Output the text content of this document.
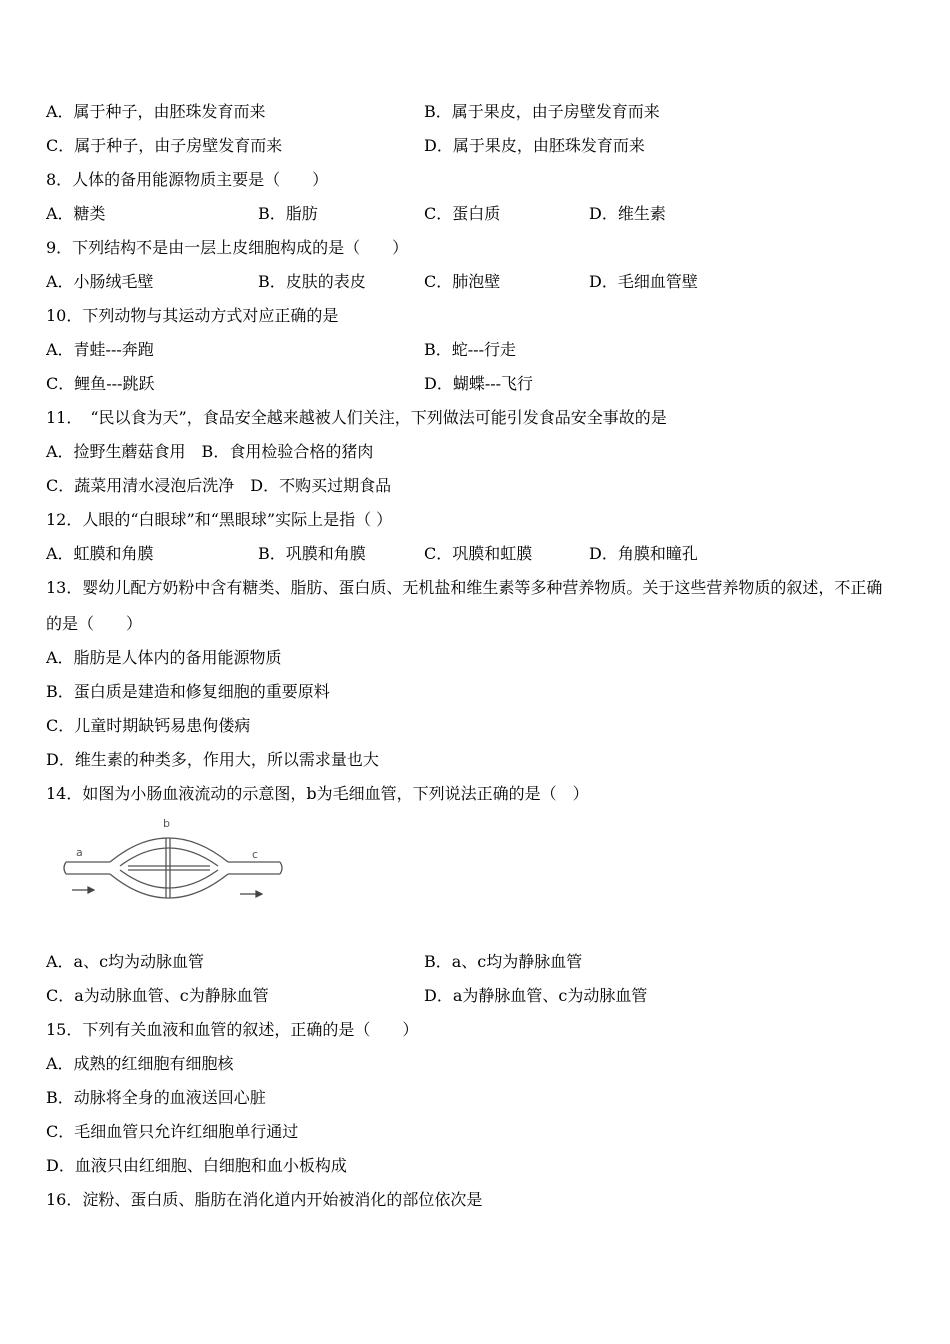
A．属于种子，由胚珠发育而来	B．属于果皮，由子房壁发育而来
C．属于种子，由子房壁发育而来	D．属于果皮，由胚珠发育而来
8．人体的备用能源物质主要是（　　）
A．糖类	B．脂肪	C．蛋白质	D．维生素
9．下列结构不是由一层上皮细胞构成的是（　　）
A．小肠绒毛壁	B．皮肤的表皮	C．肺泡壁	D．毛细血管壁
10．下列动物与其运动方式对应正确的是
A．青蛙---奔跑	B．蛇---行走
C．鲤鱼---跳跃	D．蝴蝶---飞行
11．　“民以食为天”，食品安全越来越被人们关注，下列做法可能引发食品安全事故的是
A．捡野生蘑菇食用　B．食用检验合格的猪肉
C．蔬菜用清水浸泡后洗净　D．不购买过期食品
12．人眼的“白眼球”和“黑眼球”实际上是指（ ）
A．虹膜和角膜	B．巩膜和角膜	C．巩膜和虹膜	D．角膜和瞳孔
13．婴幼儿配方奶粉中含有糖类、脂肪、蛋白质、无机盐和维生素等多种营养物质。关于这些营养物质的叙述，不正确
的是（　　）
A．脂肪是人体内的备用能源物质
B．蛋白质是建造和修复细胞的重要原料
C．儿童时期缺钙易患佝偻病
D．维生素的种类多，作用大，所以需求量也大
14．如图为小肠血液流动的示意图，b为毛细血管，下列说法正确的是（　）
a
b
c
A．a、c均为动脉血管	B．a、c均为静脉血管
C．a为动脉血管、c为静脉血管	D．a为静脉血管、c为动脉血管
15．下列有关血液和血管的叙述，正确的是（　　）
A．成熟的红细胞有细胞核
B．动脉将全身的血液送回心脏
C．毛细血管只允许红细胞单行通过
D．血液只由红细胞、白细胞和血小板构成
16．淀粉、蛋白质、脂肪在消化道内开始被消化的部位依次是
